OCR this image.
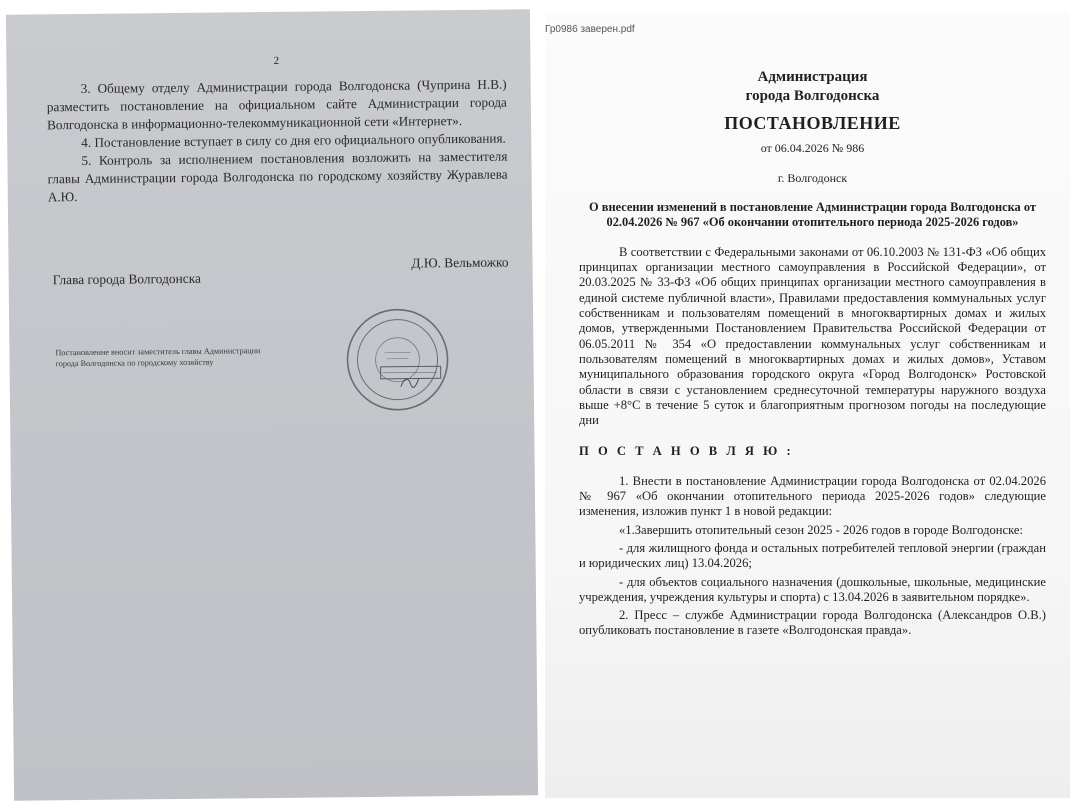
2

3. Общему отделу Администрации города Волгодонска (Чуприна Н.В.) разместить постановление на официальном сайте Администрации города Волгодонска в информационно-телекоммуникационной сети «Интернет».

4. Постановление вступает в силу со дня его официального опубликования.

5. Контроль за исполнением постановления возложить на заместителя главы Администрации города Волгодонска по городскому хозяйству Журавлева А.Ю.

Глава города Волгодонска
Д.Ю. Вельможко
Постановление вносит заместитель главы Администрации
города Волгодонска по городскому хозяйству
Гр0986 заверен.pdf
Администрация
города Волгодонска
ПОСТАНОВЛЕНИЕ
от 06.04.2026 № 986
г. Волгодонск
О внесении изменений в постановление Администрации города Волгодонска от 02.04.2026 № 967 «Об окончании отопительного периода 2025-2026 годов»

В соответствии с Федеральными законами от 06.10.2003 № 131-ФЗ «Об общих принципах организации местного самоуправления в Российской Федерации», от 20.03.2025 № 33-ФЗ «Об общих принципах организации местного самоуправления в единой системе публичной власти», Правилами предоставления коммунальных услуг собственникам и пользователям помещений в многоквартирных домах и жилых домов, утвержденными Постановлением Правительства Российской Федерации от 06.05.2011 № 354 «О предоставлении коммунальных услуг собственникам и пользователям помещений в многоквартирных домах и жилых домов», Уставом муниципального образования городского округа «Город Волгодонск» Ростовской области в связи с установлением среднесуточной температуры наружного воздуха выше +8°С в течение 5 суток и благоприятным прогнозом погоды на последующие дни

П О С Т А Н О В Л Я Ю :

1. Внести в постановление Администрации города Волгодонска от 02.04.2026 № 967 «Об окончании отопительного периода 2025-2026 годов» следующие изменения, изложив пункт 1 в новой редакции:

«1.Завершить отопительный сезон 2025 - 2026 годов в городе Волгодонске:

- для жилищного фонда и остальных потребителей тепловой энергии (граждан и юридических лиц) 13.04.2026;

- для объектов социального назначения (дошкольные, школьные, медицинские учреждения, учреждения культуры и спорта) с 13.04.2026 в заявительном порядке».

2. Пресс – службе Администрации города Волгодонска (Александров О.В.) опубликовать постановление в газете «Волгодонская правда».
